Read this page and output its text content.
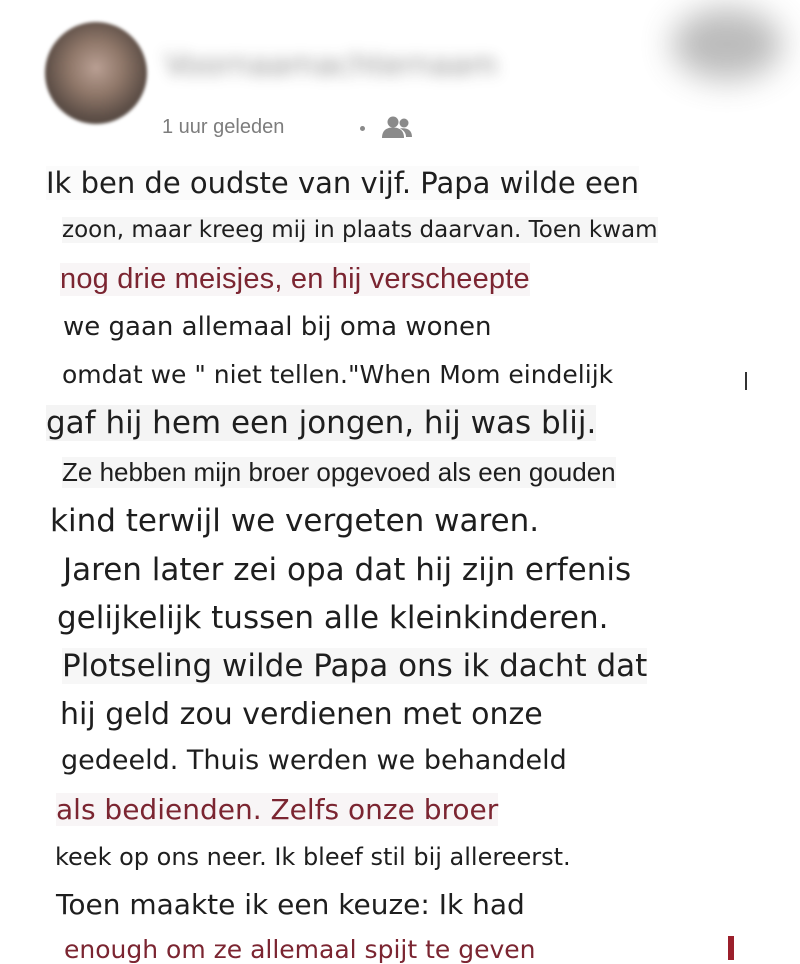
Voornaamachternaam
1 uur geleden
Ik ben de oudste van vijf. Papa wilde een
zoon, maar kreeg mij in plaats daarvan. Toen kwam
nog drie meisjes, en hij verscheepte
we gaan allemaal bij oma wonen
omdat we " niet tellen."When Mom eindelijk
gaf hij hem een jongen, hij was blij.
Ze hebben mijn broer opgevoed als een gouden
kind terwijl we vergeten waren.
Jaren later zei opa dat hij zijn erfenis
gelijkelijk tussen alle kleinkinderen.
Plotseling wilde Papa ons ik dacht dat
hij geld zou verdienen met onze
gedeeld. Thuis werden we behandeld
als bedienden. Zelfs onze broer
keek op ons neer. Ik bleef stil bij allereerst.
Toen maakte ik een keuze: Ik had
enough om ze allemaal spijt te geven
